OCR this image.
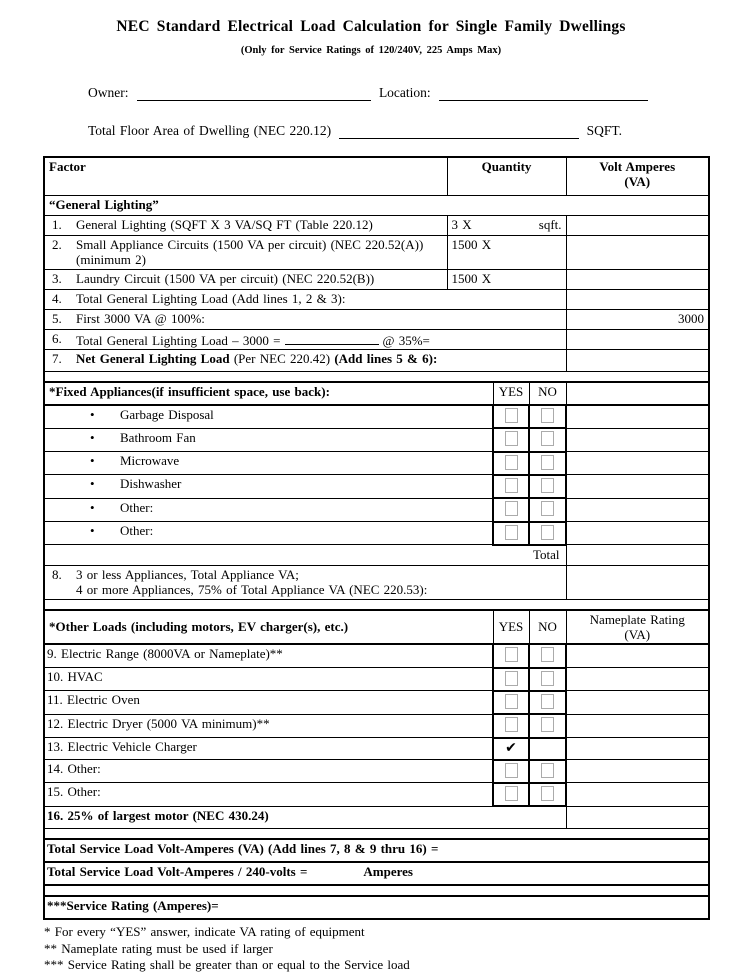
NEC Standard Electrical Load Calculation for Single Family Dwellings
(Only for Service Ratings of 120/240V, 225 Amps Max)
Owner:	Location:
Total Floor Area of Dwelling (NEC 220.12)	SQFT.
Factor	Quantity			Volt Amperes
(VA)

“General Lighting”				

1. General Lighting (SQFT X 3 VA/SQ FT (Table 220.12)	3 X sqft.			

2. Small Appliance Circuits (1500 VA per circuit) (NEC 220.52(A)) (minimum 2)	1500 X			

3. Laundry Circuit (1500 VA per circuit) (NEC 220.52(B))	1500 X			

4. Total General Lighting Load (Add lines 1, 2 & 3):				

5. First 3000 VA @ 100%:				3000

6. Total General Lighting Load – 3000 = @ 35%=				

7. Net General Lighting Load (Per NEC 220.42) (Add lines 5 & 6):				

*Fixed Appliances(if insufficient space, use back):		YES	NO	
• Garbage Disposal				
• Bathroom Fan				
• Microwave				
• Dishwasher				
• Other:				
• Other:				
Total				

8. 3 or less Appliances, Total Appliance VA;
4 or more Appliances, 75% of Total Appliance VA (NEC 220.53):				

*Other Loads (including motors, EV charger(s), etc.)		YES	NO	Nameplate Rating
(VA)

9. Electric Range (8000VA or Nameplate)**				
10. HVAC				
11. Electric Oven				
12. Electric Dryer (5000 VA minimum)**				
13. Electric Vehicle Charger		✔		
14. Other:				
15. Other:				
16. 25% of largest motor (NEC 430.24)				

Total Service Load Volt-Amperes (VA) (Add lines 7, 8 & 9 thru 16) =				
Total Service Load Volt-Amperes / 240-volts = Amperes				

***Service Rating (Amperes)=				
* For every “YES” answer, indicate VA rating of equipment
** Nameplate rating must be used if larger
*** Service Rating shall be greater than or equal to the Service load
